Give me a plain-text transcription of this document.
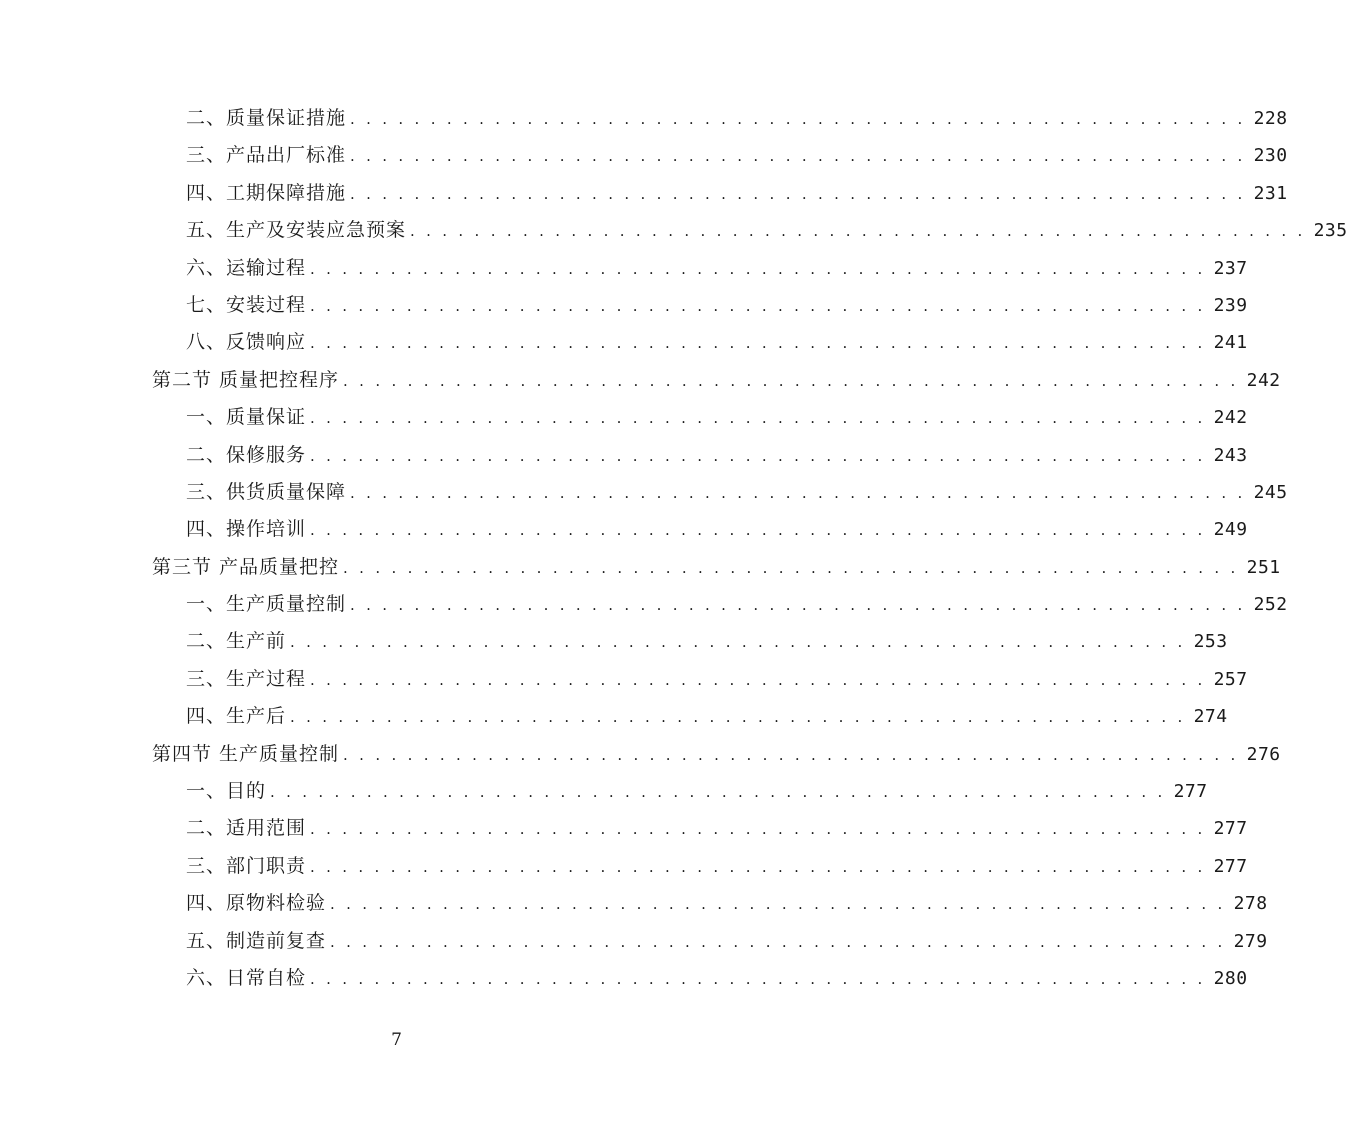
二、质量保证措施 . . . . . . . . . . . . . . . . . . . . . . . . . . . . . . . . . . . . . . . . . . . . . . . . . . . . . . . . 228
三、产品出厂标准 . . . . . . . . . . . . . . . . . . . . . . . . . . . . . . . . . . . . . . . . . . . . . . . . . . . . . . . . 230
四、工期保障措施 . . . . . . . . . . . . . . . . . . . . . . . . . . . . . . . . . . . . . . . . . . . . . . . . . . . . . . . . 231
五、生产及安装应急预案 . . . . . . . . . . . . . . . . . . . . . . . . . . . . . . . . . . . . . . . . . . . . . . . . . . . . . . . . 235
六、运输过程 . . . . . . . . . . . . . . . . . . . . . . . . . . . . . . . . . . . . . . . . . . . . . . . . . . . . . . . . 237
七、安装过程 . . . . . . . . . . . . . . . . . . . . . . . . . . . . . . . . . . . . . . . . . . . . . . . . . . . . . . . . 239
八、反馈响应 . . . . . . . . . . . . . . . . . . . . . . . . . . . . . . . . . . . . . . . . . . . . . . . . . . . . . . . . 241
第二节 质量把控程序 . . . . . . . . . . . . . . . . . . . . . . . . . . . . . . . . . . . . . . . . . . . . . . . . . . . . . . . . 242
一、质量保证 . . . . . . . . . . . . . . . . . . . . . . . . . . . . . . . . . . . . . . . . . . . . . . . . . . . . . . . . 242
二、保修服务 . . . . . . . . . . . . . . . . . . . . . . . . . . . . . . . . . . . . . . . . . . . . . . . . . . . . . . . . 243
三、供货质量保障 . . . . . . . . . . . . . . . . . . . . . . . . . . . . . . . . . . . . . . . . . . . . . . . . . . . . . . . . 245
四、操作培训 . . . . . . . . . . . . . . . . . . . . . . . . . . . . . . . . . . . . . . . . . . . . . . . . . . . . . . . . 249
第三节 产品质量把控 . . . . . . . . . . . . . . . . . . . . . . . . . . . . . . . . . . . . . . . . . . . . . . . . . . . . . . . . 251
一、生产质量控制 . . . . . . . . . . . . . . . . . . . . . . . . . . . . . . . . . . . . . . . . . . . . . . . . . . . . . . . . 252
二、生产前 . . . . . . . . . . . . . . . . . . . . . . . . . . . . . . . . . . . . . . . . . . . . . . . . . . . . . . . . 253
三、生产过程 . . . . . . . . . . . . . . . . . . . . . . . . . . . . . . . . . . . . . . . . . . . . . . . . . . . . . . . . 257
四、生产后 . . . . . . . . . . . . . . . . . . . . . . . . . . . . . . . . . . . . . . . . . . . . . . . . . . . . . . . . 274
第四节 生产质量控制 . . . . . . . . . . . . . . . . . . . . . . . . . . . . . . . . . . . . . . . . . . . . . . . . . . . . . . . . 276
一、目的 . . . . . . . . . . . . . . . . . . . . . . . . . . . . . . . . . . . . . . . . . . . . . . . . . . . . . . . . 277
二、适用范围 . . . . . . . . . . . . . . . . . . . . . . . . . . . . . . . . . . . . . . . . . . . . . . . . . . . . . . . . 277
三、部门职责 . . . . . . . . . . . . . . . . . . . . . . . . . . . . . . . . . . . . . . . . . . . . . . . . . . . . . . . . 277
四、原物料检验 . . . . . . . . . . . . . . . . . . . . . . . . . . . . . . . . . . . . . . . . . . . . . . . . . . . . . . . . 278
五、制造前复查 . . . . . . . . . . . . . . . . . . . . . . . . . . . . . . . . . . . . . . . . . . . . . . . . . . . . . . . . 279
六、日常自检 . . . . . . . . . . . . . . . . . . . . . . . . . . . . . . . . . . . . . . . . . . . . . . . . . . . . . . . . 280
7
